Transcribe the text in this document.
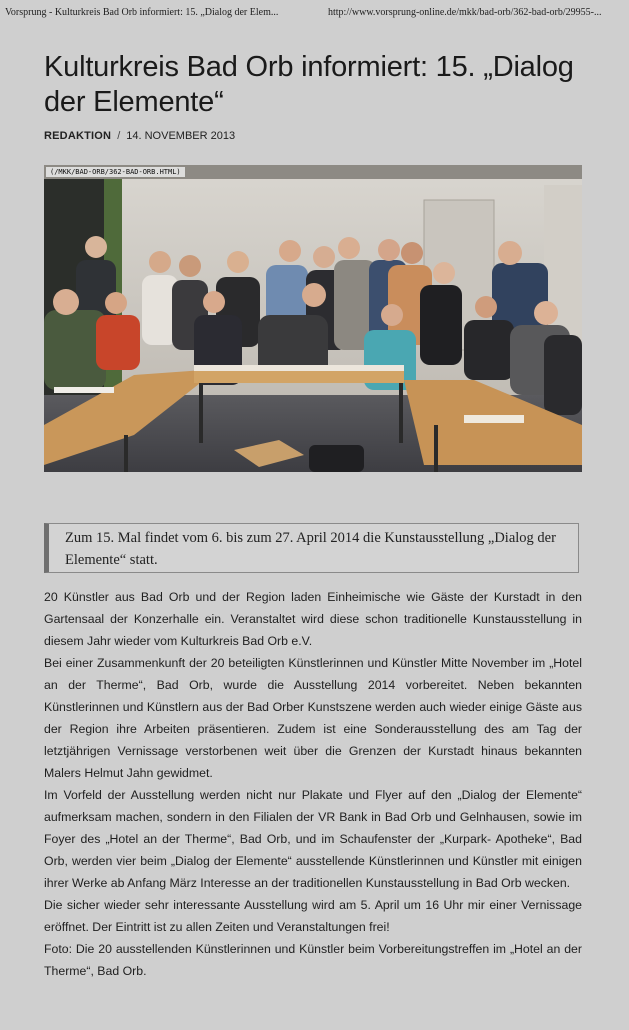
Vorsprung - Kulturkreis Bad Orb informiert: 15. „Dialog der Elem...	http://www.vorsprung-online.de/mkk/bad-orb/362-bad-orb/29955-...
Kulturkreis Bad Orb informiert: 15. „Dialog der Elemente“
REDAKTION / 14. NOVEMBER 2013
(/MKK/BAD-ORB/362-BAD-ORB.HTML)
Zum 15. Mal findet vom 6. bis zum 27. April 2014 die Kunstausstellung „Dialog der Elemente“ statt.

20 Künstler aus Bad Orb und der Region laden Einheimische wie Gäste der Kurstadt in den Gartensaal der Konzerhalle ein. Veranstaltet wird diese schon traditionelle Kunstausstellung in diesem Jahr wieder vom Kulturkreis Bad Orb e.V.

Bei einer Zusammenkunft der 20 beteiligten Künstlerinnen und Künstler Mitte November im „Hotel an der Therme“, Bad Orb, wurde die Ausstellung 2014 vorbereitet. Neben bekannten Künstlerinnen und Künstlern aus der Bad Orber Kunstszene werden auch wieder einige Gäste aus der Region ihre Arbeiten präsentieren. Zudem ist eine Sonderausstellung des am Tag der letztjährigen Vernissage verstorbenen weit über die Grenzen der Kurstadt hinaus bekannten Malers Helmut Jahn gewidmet.

Im Vorfeld der Ausstellung werden nicht nur Plakate und Flyer auf den „Dialog der Elemente“ aufmerksam machen, sondern in den Filialen der VR Bank in Bad Orb und Gelnhausen, sowie im Foyer des „Hotel an der Therme“, Bad Orb, und im Schaufenster der „Kurpark- Apotheke“, Bad Orb, werden vier beim „Dialog der Elemente“ ausstellende Künstlerinnen und Künstler mit einigen ihrer Werke ab Anfang März Interesse an der traditionellen Kunstausstellung in Bad Orb wecken.

Die sicher wieder sehr interessante Ausstellung wird am 5. April um 16 Uhr mir einer Vernissage eröffnet. Der Eintritt ist zu allen Zeiten und Veranstaltungen frei!

Foto: Die 20 ausstellenden Künstlerinnen und Künstler beim Vorbereitungstreffen im „Hotel an der Therme“, Bad Orb.
